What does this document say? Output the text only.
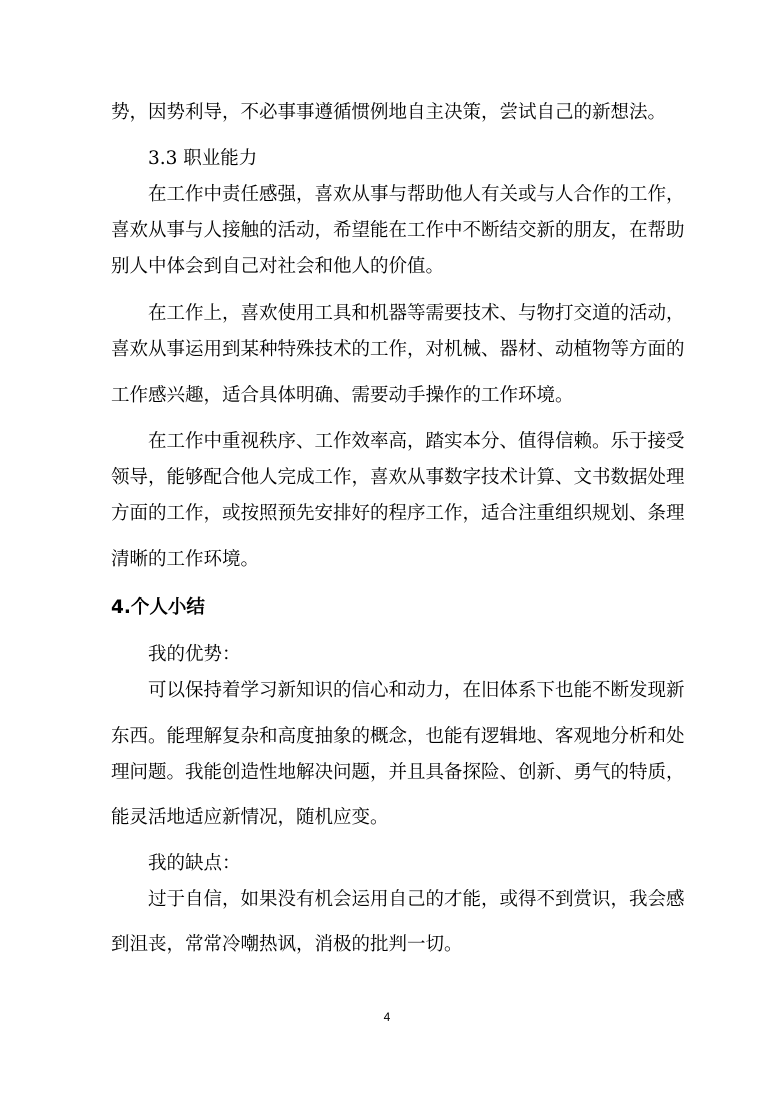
势，因势利导，不必事事遵循惯例地自主决策，尝试自己的新想法。
3.3 职业能力
在工作中责任感强，喜欢从事与帮助他人有关或与人合作的工作，
喜欢从事与人接触的活动，希望能在工作中不断结交新的朋友，在帮助
别人中体会到自己对社会和他人的价值。
在工作上，喜欢使用工具和机器等需要技术、与物打交道的活动，
喜欢从事运用到某种特殊技术的工作，对机械、器材、动植物等方面的
工作感兴趣，适合具体明确、需要动手操作的工作环境。
在工作中重视秩序、工作效率高，踏实本分、值得信赖。乐于接受
领导，能够配合他人完成工作，喜欢从事数字技术计算、文书数据处理
方面的工作，或按照预先安排好的程序工作，适合注重组织规划、条理
清晰的工作环境。
4.个人小结
我的优势：
可以保持着学习新知识的信心和动力，在旧体系下也能不断发现新
东西。能理解复杂和高度抽象的概念，也能有逻辑地、客观地分析和处
理问题。我能创造性地解决问题，并且具备探险、创新、勇气的特质，
能灵活地适应新情况，随机应变。
我的缺点：
过于自信，如果没有机会运用自己的才能，或得不到赏识，我会感
到沮丧，常常冷嘲热讽，消极的批判一切。
4
